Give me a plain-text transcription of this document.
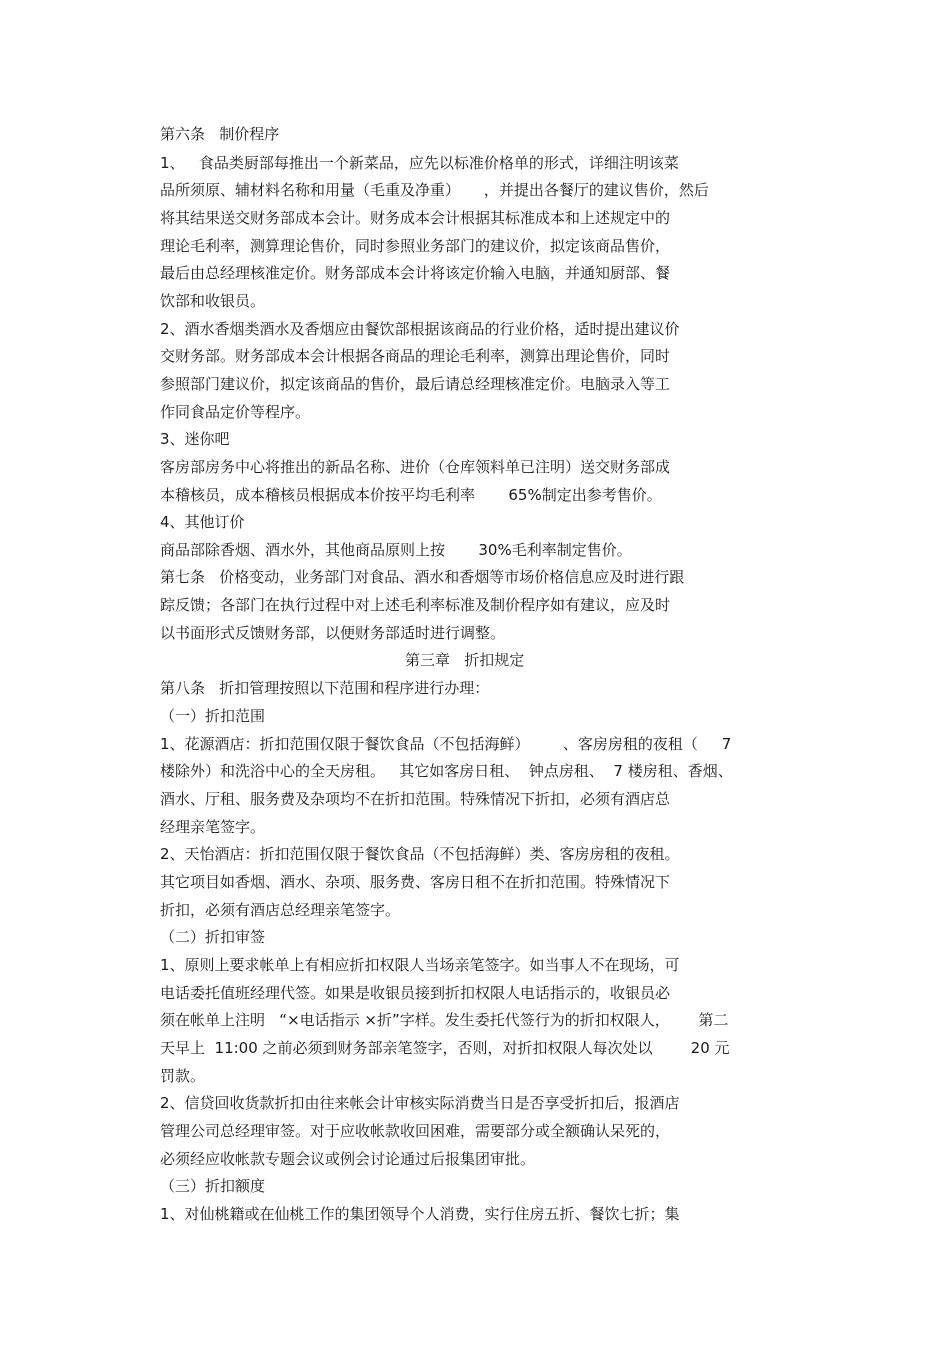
第六条   制价程序
1、   食品类厨部每推出一个新菜品，应先以标准价格单的形式，详细注明该菜
品所须原、辅材料名称和用量（毛重及净重）     ，并提出各餐厅的建议售价，然后
将其结果送交财务部成本会计。财务成本会计根据其标准成本和上述规定中的
理论毛利率，测算理论售价，同时参照业务部门的建议价，拟定该商品售价，
最后由总经理核准定价。财务部成本会计将该定价输入电脑，并通知厨部、餐
饮部和收银员。
2、酒水香烟类酒水及香烟应由餐饮部根据该商品的行业价格，适时提出建议价
交财务部。财务部成本会计根据各商品的理论毛利率，测算出理论售价，同时
参照部门建议价，拟定该商品的售价，最后请总经理核准定价。电脑录入等工
作同食品定价等程序。
3、迷你吧
客房部房务中心将推出的新品名称、进价（仓库领料单已注明）送交财务部成
本稽核员，成本稽核员根据成本价按平均毛利率       65%制定出参考售价。
4、其他订价
商品部除香烟、酒水外，其他商品原则上按       30%毛利率制定售价。
第七条   价格变动，业务部门对食品、酒水和香烟等市场价格信息应及时进行跟
踪反馈；各部门在执行过程中对上述毛利率标准及制价程序如有建议，应及时
以书面形式反馈财务部，以便财务部适时进行调整。
第三章   折扣规定
第八条   折扣管理按照以下范围和程序进行办理：
（一）折扣范围
1、花源酒店：折扣范围仅限于餐饮食品（不包括海鲜）       、客房房租的夜租（     7
楼除外）和洗浴中心的全天房租。   其它如客房日租、  钟点房租、  7 楼房租、香烟、
酒水、厅租、服务费及杂项均不在折扣范围。特殊情况下折扣，必须有酒店总
经理亲笔签字。
2、天怡酒店：折扣范围仅限于餐饮食品（不包括海鲜）类、客房房租的夜租。
其它项目如香烟、酒水、杂项、服务费、客房日租不在折扣范围。特殊情况下
折扣，必须有酒店总经理亲笔签字。
（二）折扣审签
1、原则上要求帐单上有相应折扣权限人当场亲笔签字。如当事人不在现场，可
电话委托值班经理代签。如果是收银员接到折扣权限人电话指示的，收银员必
须在帐单上注明   “×电话指示 ×折”字样。发生委托代签行为的折扣权限人，      第二
天早上  11:00 之前必须到财务部亲笔签字，否则，对折扣权限人每次处以        20 元
罚款。
2、信贷回收货款折扣由往来帐会计审核实际消费当日是否享受折扣后，报酒店
管理公司总经理审签。对于应收帐款收回困难，需要部分或全额确认呆死的，
必须经应收帐款专题会议或例会讨论通过后报集团审批。
（三）折扣额度
1、对仙桃籍或在仙桃工作的集团领导个人消费，实行住房五折、餐饮七折；集
